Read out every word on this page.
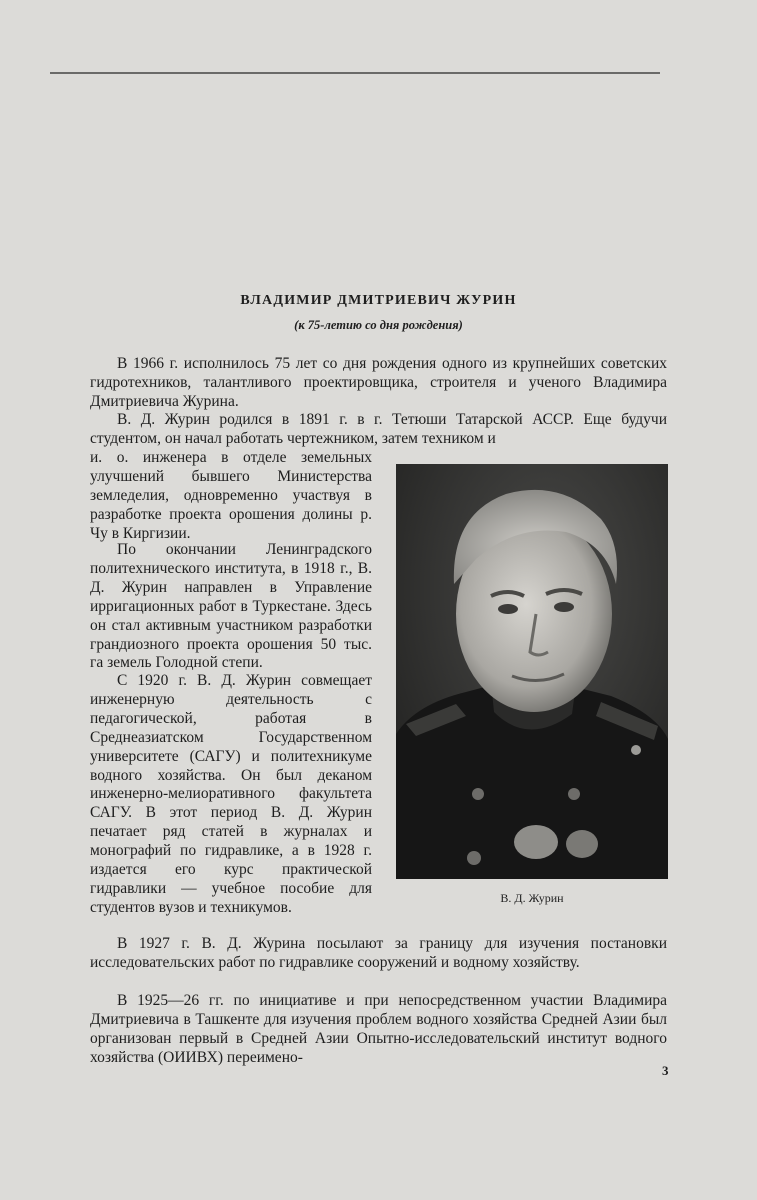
ВЛАДИМИР ДМИТРИЕВИЧ ЖУРИН
(к 75-летию со дня рождения)

В 1966 г. исполнилось 75 лет со дня рождения одного из крупнейших советских гидротехников, талантливого проектировщика, строителя и ученого Владимира Дмитриевича Журина.

В. Д. Журин родился в 1891 г. в г. Тетюши Татарской АССР. Еще будучи студентом, он начал работать чертежником, затем техником и

и. о. инженера в отделе земельных улучшений бывшего Министерства земледелия, одновременно участвуя в разработке проекта орошения долины р. Чу в Киргизии.

По окончании Ленинградского политехнического института, в 1918 г., В. Д. Журин направлен в Управление ирригационных работ в Туркестане. Здесь он стал активным участником разработки грандиозного проекта орошения 50 тыс. га земель Голодной степи.

С 1920 г. В. Д. Журин совмещает инженерную деятельность с педагогической, работая в Среднеазиатском Государственном университете (САГУ) и политехникуме водного хозяйства. Он был деканом инженерно-мелиоративного факультета САГУ. В этот период В. Д. Журин печатает ряд статей в журналах и монографий по гидравлике, а в 1928 г. издается его курс практической гидравлики — учебное пособие для студентов вузов и техникумов.

В 1927 г. В. Д. Журина посылают за границу для изучения постановки исследовательских работ по гидравлике сооружений и водному хозяйству.

В 1925—26 гг. по инициативе и при непосредственном участии Владимира Дмитриевича в Ташкенте для изучения проблем водного хозяйства Средней Азии был организован первый в Средней Азии Опытно-исследовательский институт водного хозяйства (ОИИВХ) переимено-

В. Д. Журин
3
